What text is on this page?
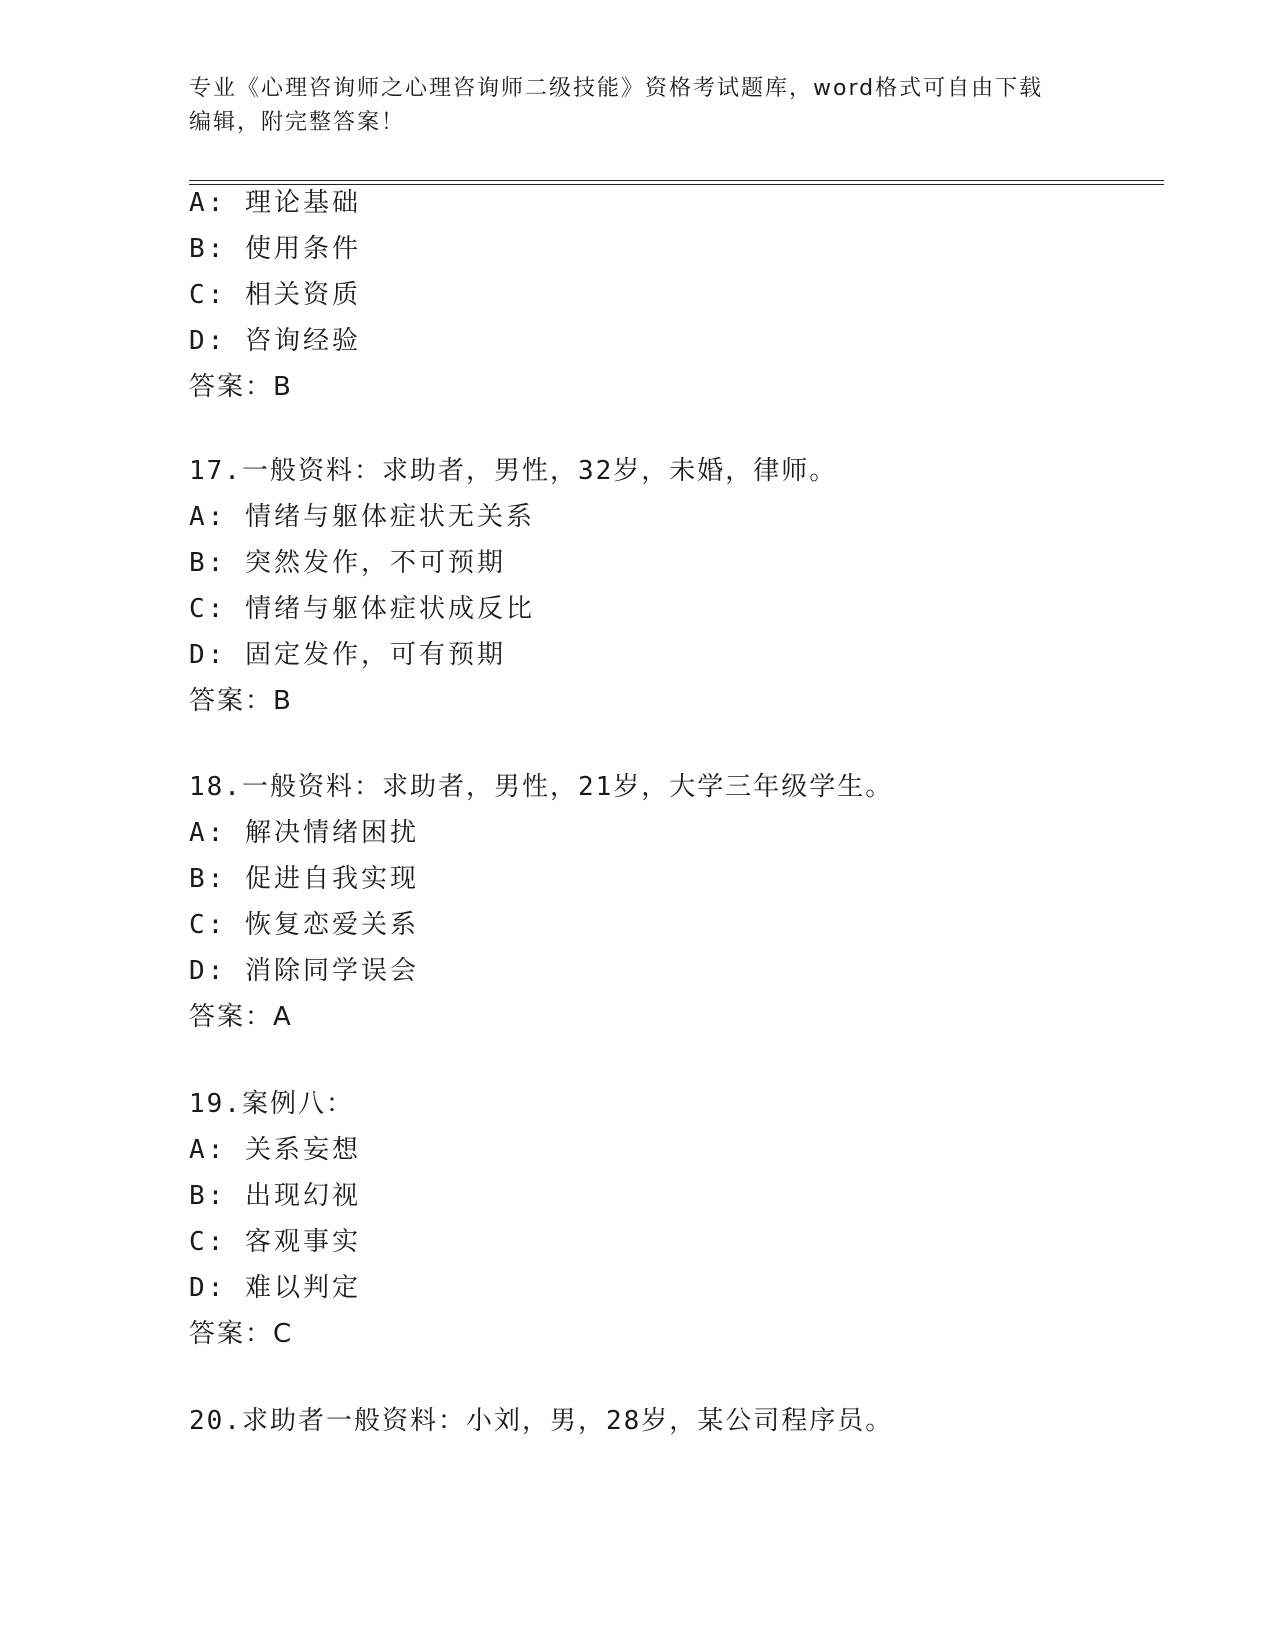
专业《心理咨询师之心理咨询师二级技能》资格考试题库，word格式可自由下载
编辑，附完整答案！
A: 理论基础
B: 使用条件
C: 相关资质
D: 咨询经验
答案：B
17.一般资料：求助者，男性，32岁，未婚，律师。
A: 情绪与躯体症状无关系
B: 突然发作，不可预期
C: 情绪与躯体症状成反比
D: 固定发作，可有预期
答案：B
18.一般资料：求助者，男性，21岁，大学三年级学生。
A: 解决情绪困扰
B: 促进自我实现
C: 恢复恋爱关系
D: 消除同学误会
答案：A
19.案例八：
A: 关系妄想
B: 出现幻视
C: 客观事实
D: 难以判定
答案：C
20.求助者一般资料：小刘，男，28岁，某公司程序员。
